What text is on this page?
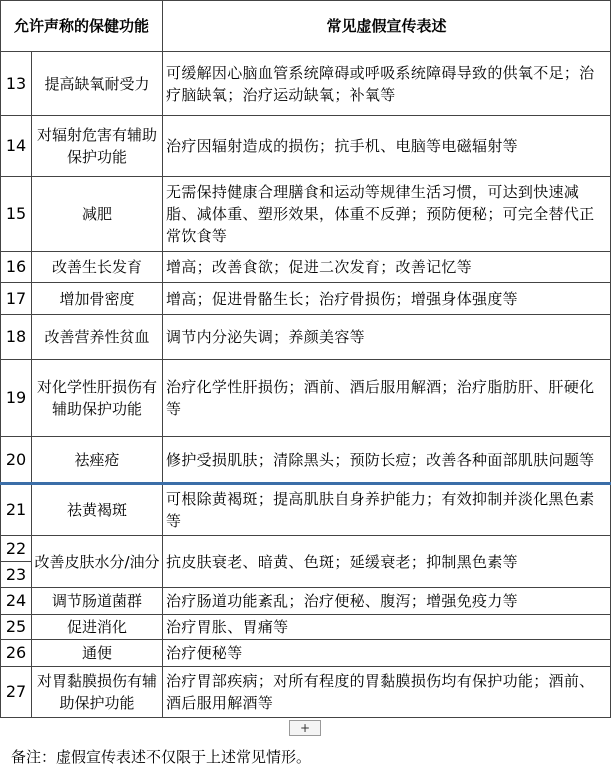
允许声称的保健功能		常见虚假宣传表述
13	提高缺氧耐受力	可缓解因心脑血管系统障碍或呼吸系统障碍导致的供氧不足；治疗脑缺氧；治疗运动缺氧；补氧等
14	对辐射危害有辅助保护功能	治疗因辐射造成的损伤；抗手机、电脑等电磁辐射等
15	减肥	无需保持健康合理膳食和运动等规律生活习惯，可达到快速减脂、减体重、塑形效果，体重不反弹；预防便秘；可完全替代正常饮食等
16	改善生长发育	增高；改善食欲；促进二次发育；改善记忆等
17	增加骨密度	增高；促进骨骼生长；治疗骨损伤；增强身体强度等
18	改善营养性贫血	调节内分泌失调；养颜美容等
19	对化学性肝损伤有辅助保护功能	治疗化学性肝损伤；酒前、酒后服用解酒；治疗脂肪肝、肝硬化等
20	祛痤疮	修护受损肌肤；清除黑头；预防长痘；改善各种面部肌肤问题等
21	祛黄褐斑	可根除黄褐斑；提高肌肤自身养护能力；有效抑制并淡化黑色素等
22	改善皮肤水分/油分	抗皮肤衰老、暗黄、色斑；延缓衰老；抑制黑色素等
23		
24	调节肠道菌群	治疗肠道功能紊乱；治疗便秘、腹泻；增强免疫力等
25	促进消化	治疗胃胀、胃痛等
26	通便	治疗便秘等
27	对胃黏膜损伤有辅助保护功能	治疗胃部疾病；对所有程度的胃黏膜损伤均有保护功能；酒前、酒后服用解酒等
+
备注：虚假宣传表述不仅限于上述常见情形。
